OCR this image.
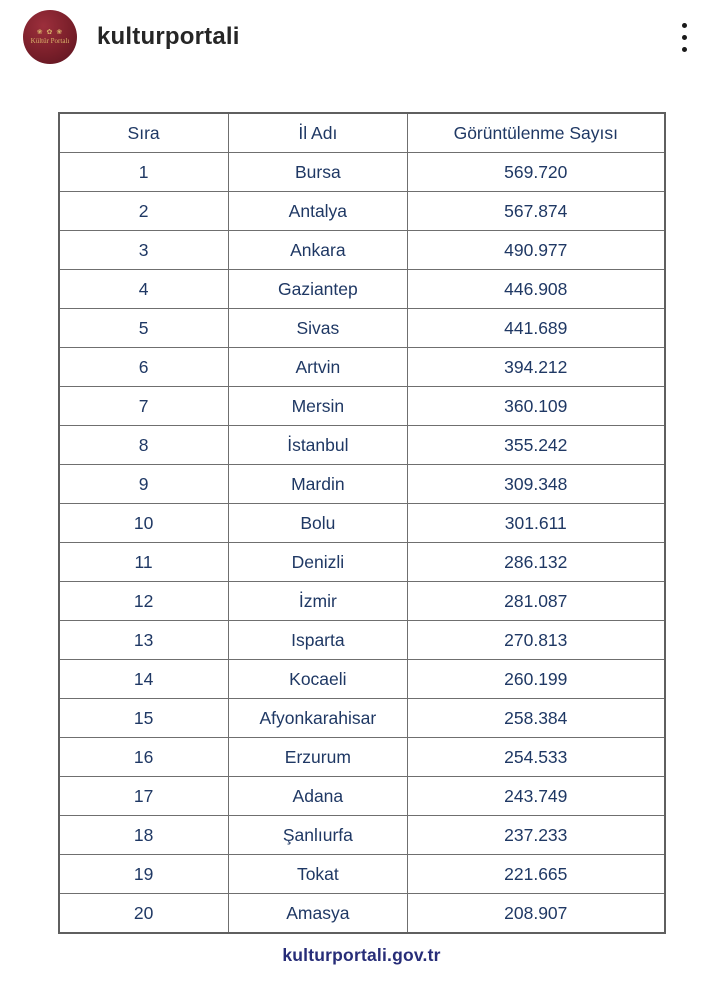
❀ ✿ ❀
Kültür Portalı kulturportali
Sıra	İl Adı	Görüntülenme Sayısı
1	Bursa	569.720
2	Antalya	567.874
3	Ankara	490.977
4	Gaziantep	446.908
5	Sivas	441.689
6	Artvin	394.212
7	Mersin	360.109
8	İstanbul	355.242
9	Mardin	309.348
10	Bolu	301.611
11	Denizli	286.132
12	İzmir	281.087
13	Isparta	270.813
14	Kocaeli	260.199
15	Afyonkarahisar	258.384
16	Erzurum	254.533
17	Adana	243.749
18	Şanlıurfa	237.233
19	Tokat	221.665
20	Amasya	208.907
kulturportali.gov.tr
